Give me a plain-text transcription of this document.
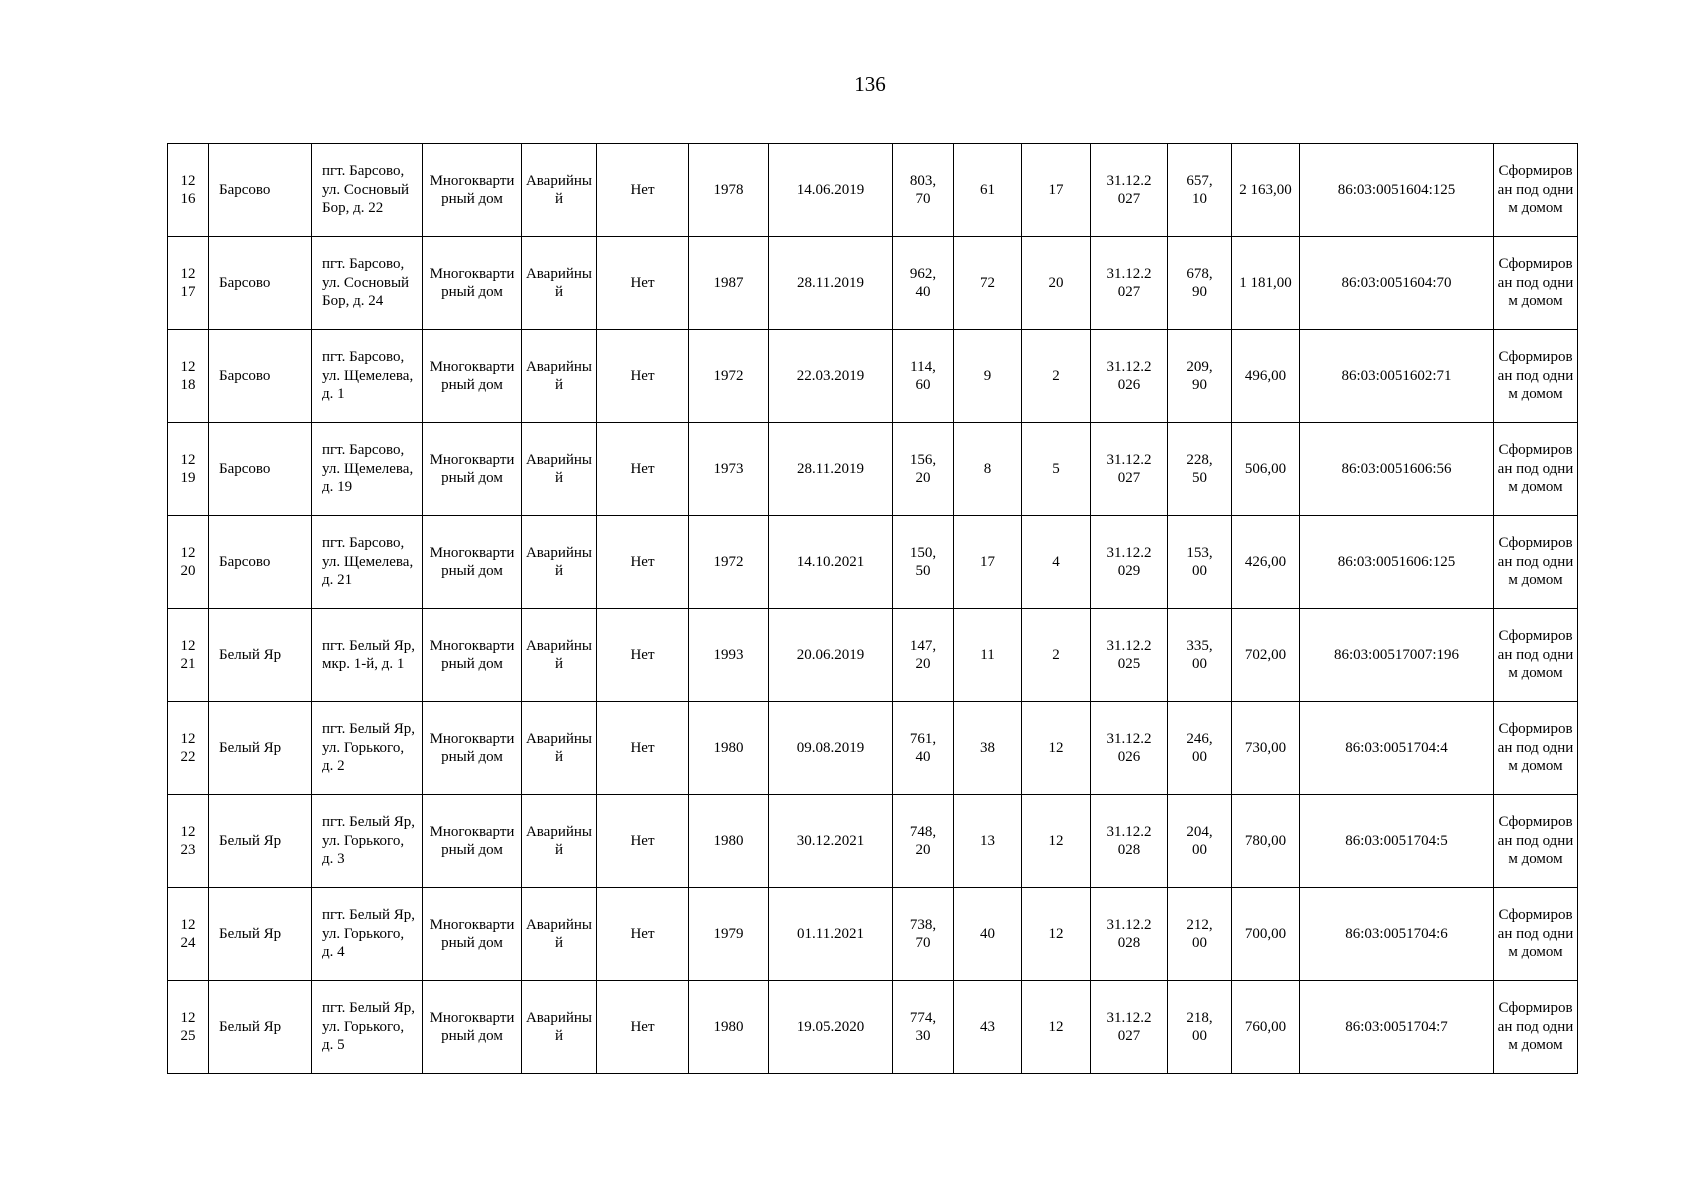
136
1216	Барсово	пгт. Барсово, ул. Сосновый Бор, д. 22	Многоквартирный дом	Аварийный	Нет	1978	14.06.2019	803,70	61	17	31.12.2027	657,10	2 163,00	86:03:0051604:125	Сформирован под одним домом
1217	Барсово	пгт. Барсово, ул. Сосновый Бор, д. 24	Многоквартирный дом	Аварийный	Нет	1987	28.11.2019	962,40	72	20	31.12.2027	678,90	1 181,00	86:03:0051604:70	Сформирован под одним домом
1218	Барсово	пгт. Барсово, ул. Щемелева, д. 1	Многоквартирный дом	Аварийный	Нет	1972	22.03.2019	114,60	9	2	31.12.2026	209,90	496,00	86:03:0051602:71	Сформирован под одним домом
1219	Барсово	пгт. Барсово, ул. Щемелева, д. 19	Многоквартирный дом	Аварийный	Нет	1973	28.11.2019	156,20	8	5	31.12.2027	228,50	506,00	86:03:0051606:56	Сформирован под одним домом
1220	Барсово	пгт. Барсово, ул. Щемелева, д. 21	Многоквартирный дом	Аварийный	Нет	1972	14.10.2021	150,50	17	4	31.12.2029	153,00	426,00	86:03:0051606:125	Сформирован под одним домом
1221	Белый Яр	пгт. Белый Яр, мкр. 1-й, д. 1	Многоквартирный дом	Аварийный	Нет	1993	20.06.2019	147,20	11	2	31.12.2025	335,00	702,00	86:03:00517007:196	Сформирован под одним домом
1222	Белый Яр	пгт. Белый Яр, ул. Горького, д. 2	Многоквартирный дом	Аварийный	Нет	1980	09.08.2019	761,40	38	12	31.12.2026	246,00	730,00	86:03:0051704:4	Сформирован под одним домом
1223	Белый Яр	пгт. Белый Яр, ул. Горького, д. 3	Многоквартирный дом	Аварийный	Нет	1980	30.12.2021	748,20	13	12	31.12.2028	204,00	780,00	86:03:0051704:5	Сформирован под одним домом
1224	Белый Яр	пгт. Белый Яр, ул. Горького, д. 4	Многоквартирный дом	Аварийный	Нет	1979	01.11.2021	738,70	40	12	31.12.2028	212,00	700,00	86:03:0051704:6	Сформирован под одним домом
1225	Белый Яр	пгт. Белый Яр, ул. Горького, д. 5	Многоквартирный дом	Аварийный	Нет	1980	19.05.2020	774,30	43	12	31.12.2027	218,00	760,00	86:03:0051704:7	Сформирован под одним домом
